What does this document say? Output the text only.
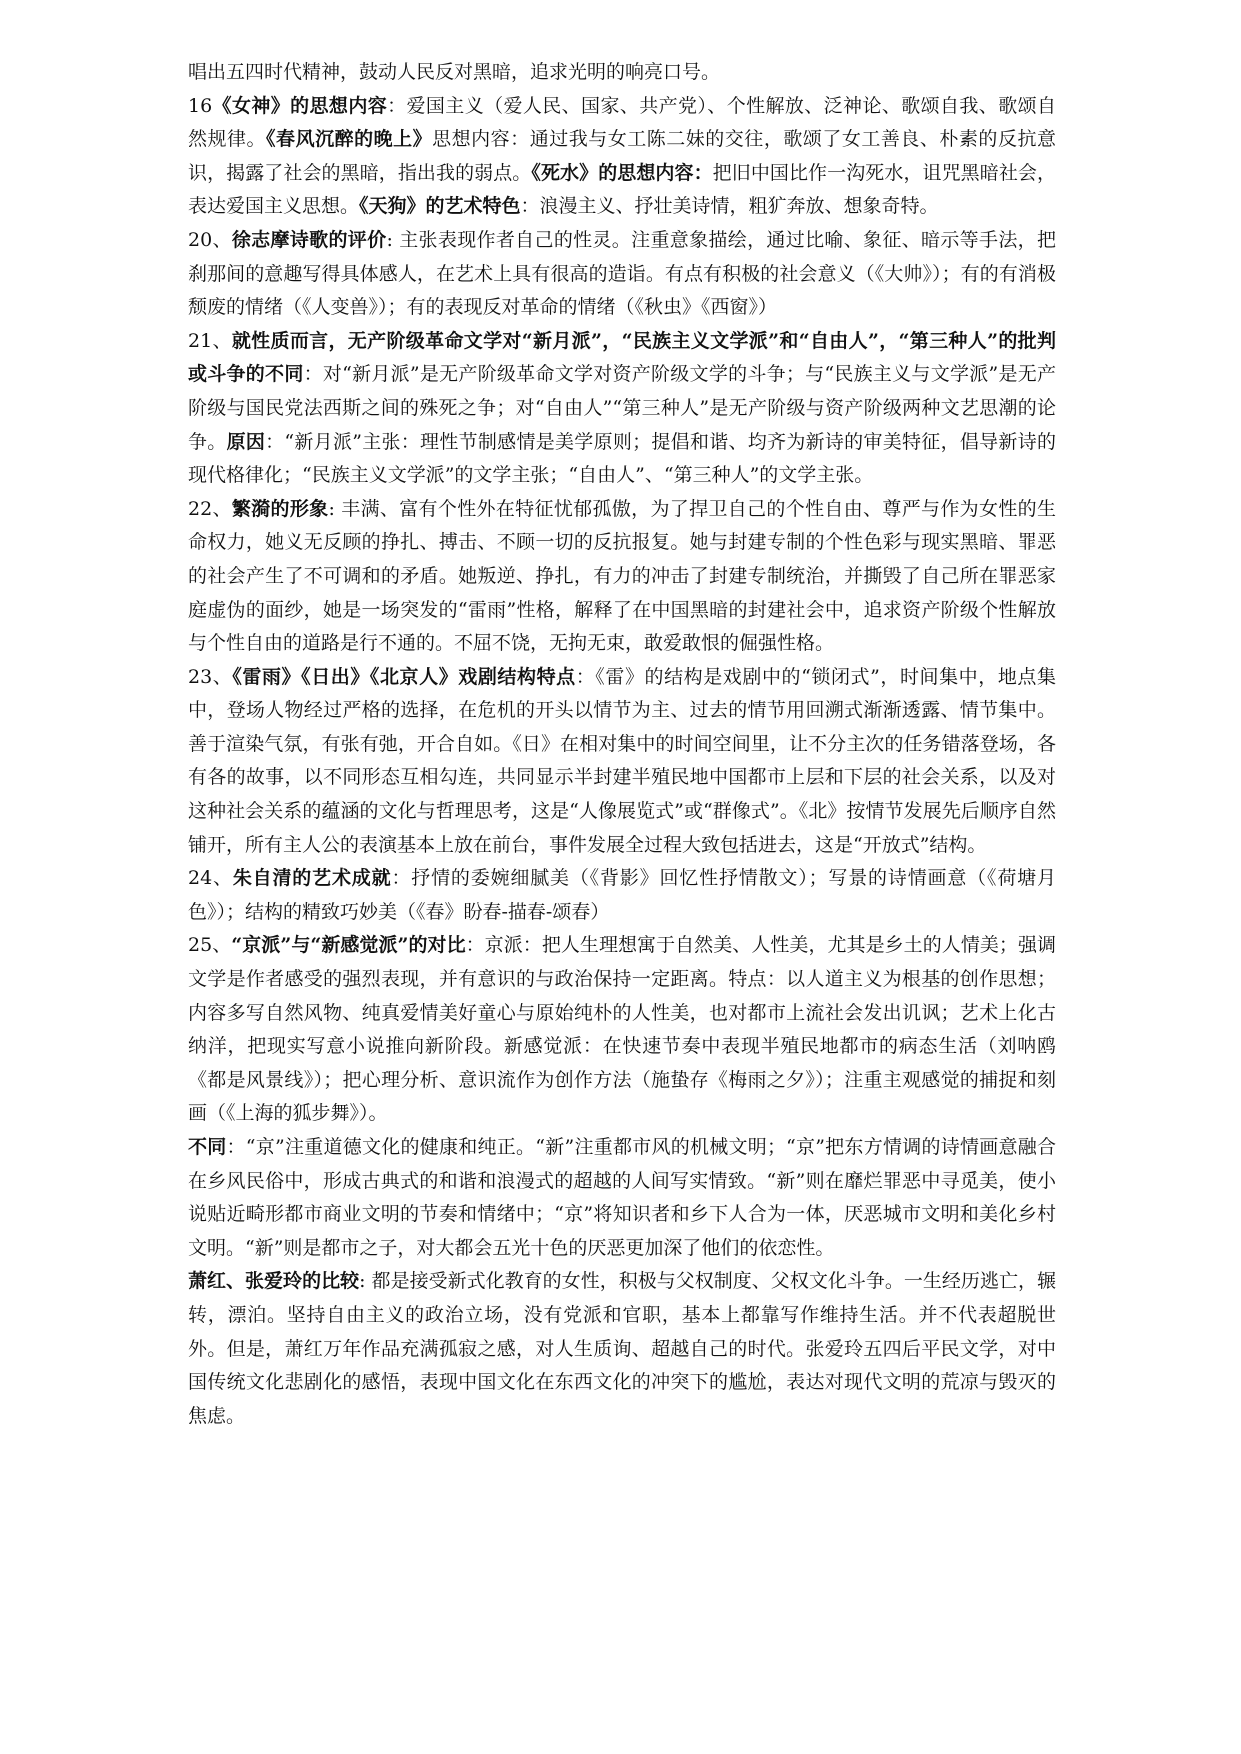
唱出五四时代精神，鼓动人民反对黑暗，追求光明的响亮口号。

16《女神》的思想内容：爱国主义（爱人民、国家、共产党）、个性解放、泛神论、歌颂自我、歌颂自然规律。《春风沉醉的晚上》思想内容：通过我与女工陈二妹的交往，歌颂了女工善良、朴素的反抗意识，揭露了社会的黑暗，指出我的弱点。《死水》的思想内容：把旧中国比作一沟死水，诅咒黑暗社会，表达爱国主义思想。《天狗》的艺术特色：浪漫主义、抒壮美诗情，粗犷奔放、想象奇特。

20、徐志摩诗歌的评价: 主张表现作者自己的性灵。注重意象描绘，通过比喻、象征、暗示等手法，把刹那间的意趣写得具体感人，在艺术上具有很高的造诣。有点有积极的社会意义（《大帅》）；有的有消极颓废的情绪（《人变兽》）；有的表现反对革命的情绪（《秋虫》《西窗》）

21、就性质而言，无产阶级革命文学对“新月派”，“民族主义文学派”和“自由人”，“第三种人”的批判或斗争的不同：对“新月派”是无产阶级革命文学对资产阶级文学的斗争；与“民族主义与文学派”是无产阶级与国民党法西斯之间的殊死之争；对“自由人”“第三种人”是无产阶级与资产阶级两种文艺思潮的论争。原因：“新月派”主张：理性节制感情是美学原则；提倡和谐、均齐为新诗的审美特征，倡导新诗的现代格律化；“民族主义文学派”的文学主张；“自由人”、“第三种人”的文学主张。

22、繁漪的形象: 丰满、富有个性外在特征忧郁孤傲，为了捍卫自己的个性自由、尊严与作为女性的生命权力，她义无反顾的挣扎、搏击、不顾一切的反抗报复。她与封建专制的个性色彩与现实黑暗、罪恶的社会产生了不可调和的矛盾。她叛逆、挣扎，有力的冲击了封建专制统治，并撕毁了自己所在罪恶家庭虚伪的面纱，她是一场突发的“雷雨”性格，解释了在中国黑暗的封建社会中，追求资产阶级个性解放与个性自由的道路是行不通的。不屈不饶，无拘无束，敢爱敢恨的倔强性格。

23、《雷雨》《日出》《北京人》戏剧结构特点：《雷》的结构是戏剧中的“锁闭式”，时间集中，地点集中，登场人物经过严格的选择，在危机的开头以情节为主、过去的情节用回溯式渐渐透露、情节集中。善于渲染气氛，有张有弛，开合自如。《日》在相对集中的时间空间里，让不分主次的任务错落登场，各有各的故事，以不同形态互相勾连，共同显示半封建半殖民地中国都市上层和下层的社会关系，以及对这种社会关系的蕴涵的文化与哲理思考，这是“人像展览式”或“群像式”。《北》按情节发展先后顺序自然铺开，所有主人公的表演基本上放在前台，事件发展全过程大致包括进去，这是“开放式”结构。

24、朱自清的艺术成就：抒情的委婉细腻美（《背影》回忆性抒情散文）；写景的诗情画意（《荷塘月色》）；结构的精致巧妙美（《春》盼春-描春-颂春）

25、“京派”与“新感觉派”的对比：京派：把人生理想寓于自然美、人性美，尤其是乡土的人情美；强调文学是作者感受的强烈表现，并有意识的与政治保持一定距离。特点：以人道主义为根基的创作思想；内容多写自然风物、纯真爱情美好童心与原始纯朴的人性美，也对都市上流社会发出讥讽；艺术上化古纳洋，把现实写意小说推向新阶段。新感觉派：在快速节奏中表现半殖民地都市的病态生活（刘呐鸥《都是风景线》）；把心理分析、意识流作为创作方法（施蛰存《梅雨之夕》）；注重主观感觉的捕捉和刻画（《上海的狐步舞》）。

不同：“京”注重道德文化的健康和纯正。“新”注重都市风的机械文明；“京”把东方情调的诗情画意融合在乡风民俗中，形成古典式的和谐和浪漫式的超越的人间写实情致。“新”则在靡烂罪恶中寻觅美，使小说贴近畸形都市商业文明的节奏和情绪中；“京”将知识者和乡下人合为一体，厌恶城市文明和美化乡村文明。“新”则是都市之子，对大都会五光十色的厌恶更加深了他们的依恋性。

萧红、张爱玲的比较: 都是接受新式化教育的女性，积极与父权制度、父权文化斗争。一生经历逃亡，辗转，漂泊。坚持自由主义的政治立场，没有党派和官职，基本上都靠写作维持生活。并不代表超脱世外。但是，萧红万年作品充满孤寂之感，对人生质询、超越自己的时代。张爱玲五四后平民文学，对中国传统文化悲剧化的感悟，表现中国文化在东西文化的冲突下的尴尬，表达对现代文明的荒凉与毁灭的焦虑。
